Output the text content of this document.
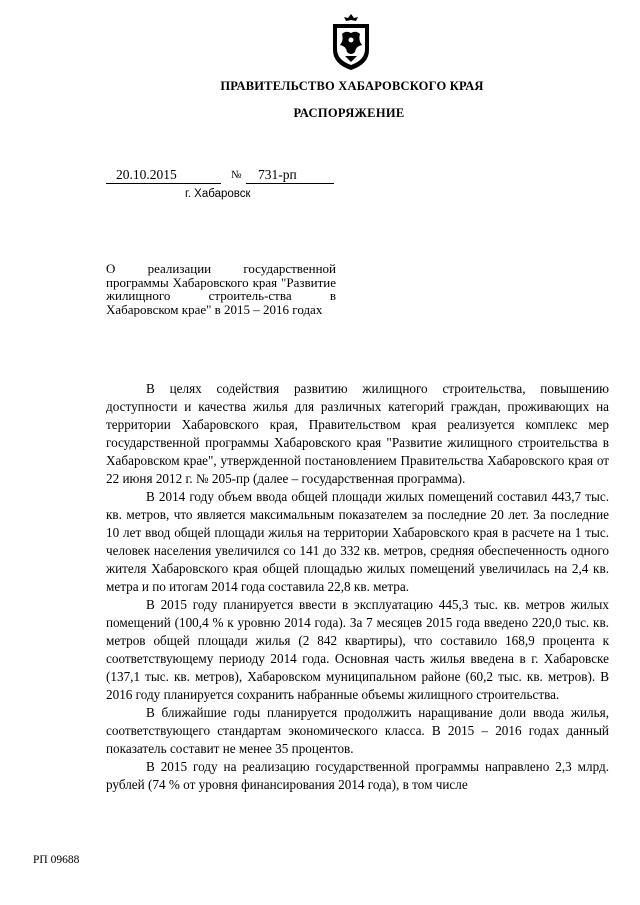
ПРАВИТЕЛЬСТВО ХАБАРОВСКОГО КРАЯ
РАСПОРЯЖЕНИЕ
20.10.2015	№ 731-рп
г. Хабаровск
О реализации государственной программы Хабаровского края "Развитие жилищного строитель-ства в Хабаровском крае" в 2015 – 2016 годах

В целях содействия развитию жилищного строительства, повышению доступности и качества жилья для различных категорий граждан, проживающих на территории Хабаровского края, Правительством края реализуется комплекс мер государственной программы Хабаровского края "Развитие жилищного строительства в Хабаровском крае", утвержденной постановлением Правительства Хабаровского края от 22 июня 2012 г. № 205-пр (далее – государственная программа).

В 2014 году объем ввода общей площади жилых помещений составил 443,7 тыс. кв. метров, что является максимальным показателем за последние 20 лет. За последние 10 лет ввод общей площади жилья на территории Хабаровского края в расчете на 1 тыс. человек населения увеличился со 141 до 332 кв. метров, средняя обеспеченность одного жителя Хабаровского края общей площадью жилых помещений увеличилась на 2,4 кв. метра и по итогам 2014 года составила 22,8 кв. метра.

В 2015 году планируется ввести в эксплуатацию 445,3 тыс. кв. метров жилых помещений (100,4 % к уровню 2014 года). За 7 месяцев 2015 года введено 220,0 тыс. кв. метров общей площади жилья (2 842 квартиры), что составило 168,9 процента к соответствующему периоду 2014 года. Основная часть жилья введена в г. Хабаровске (137,1 тыс. кв. метров), Хабаровском муниципальном районе (60,2 тыс. кв. метров). В 2016 году планируется сохранить набранные объемы жилищного строительства.

В ближайшие годы планируется продолжить наращивание доли ввода жилья, соответствующего стандартам экономического класса. В 2015 – 2016 годах данный показатель составит не менее 35 процентов.

В 2015 году на реализацию государственной программы направлено 2,3 млрд. рублей (74 % от уровня финансирования 2014 года), в том числе

РП 09688
